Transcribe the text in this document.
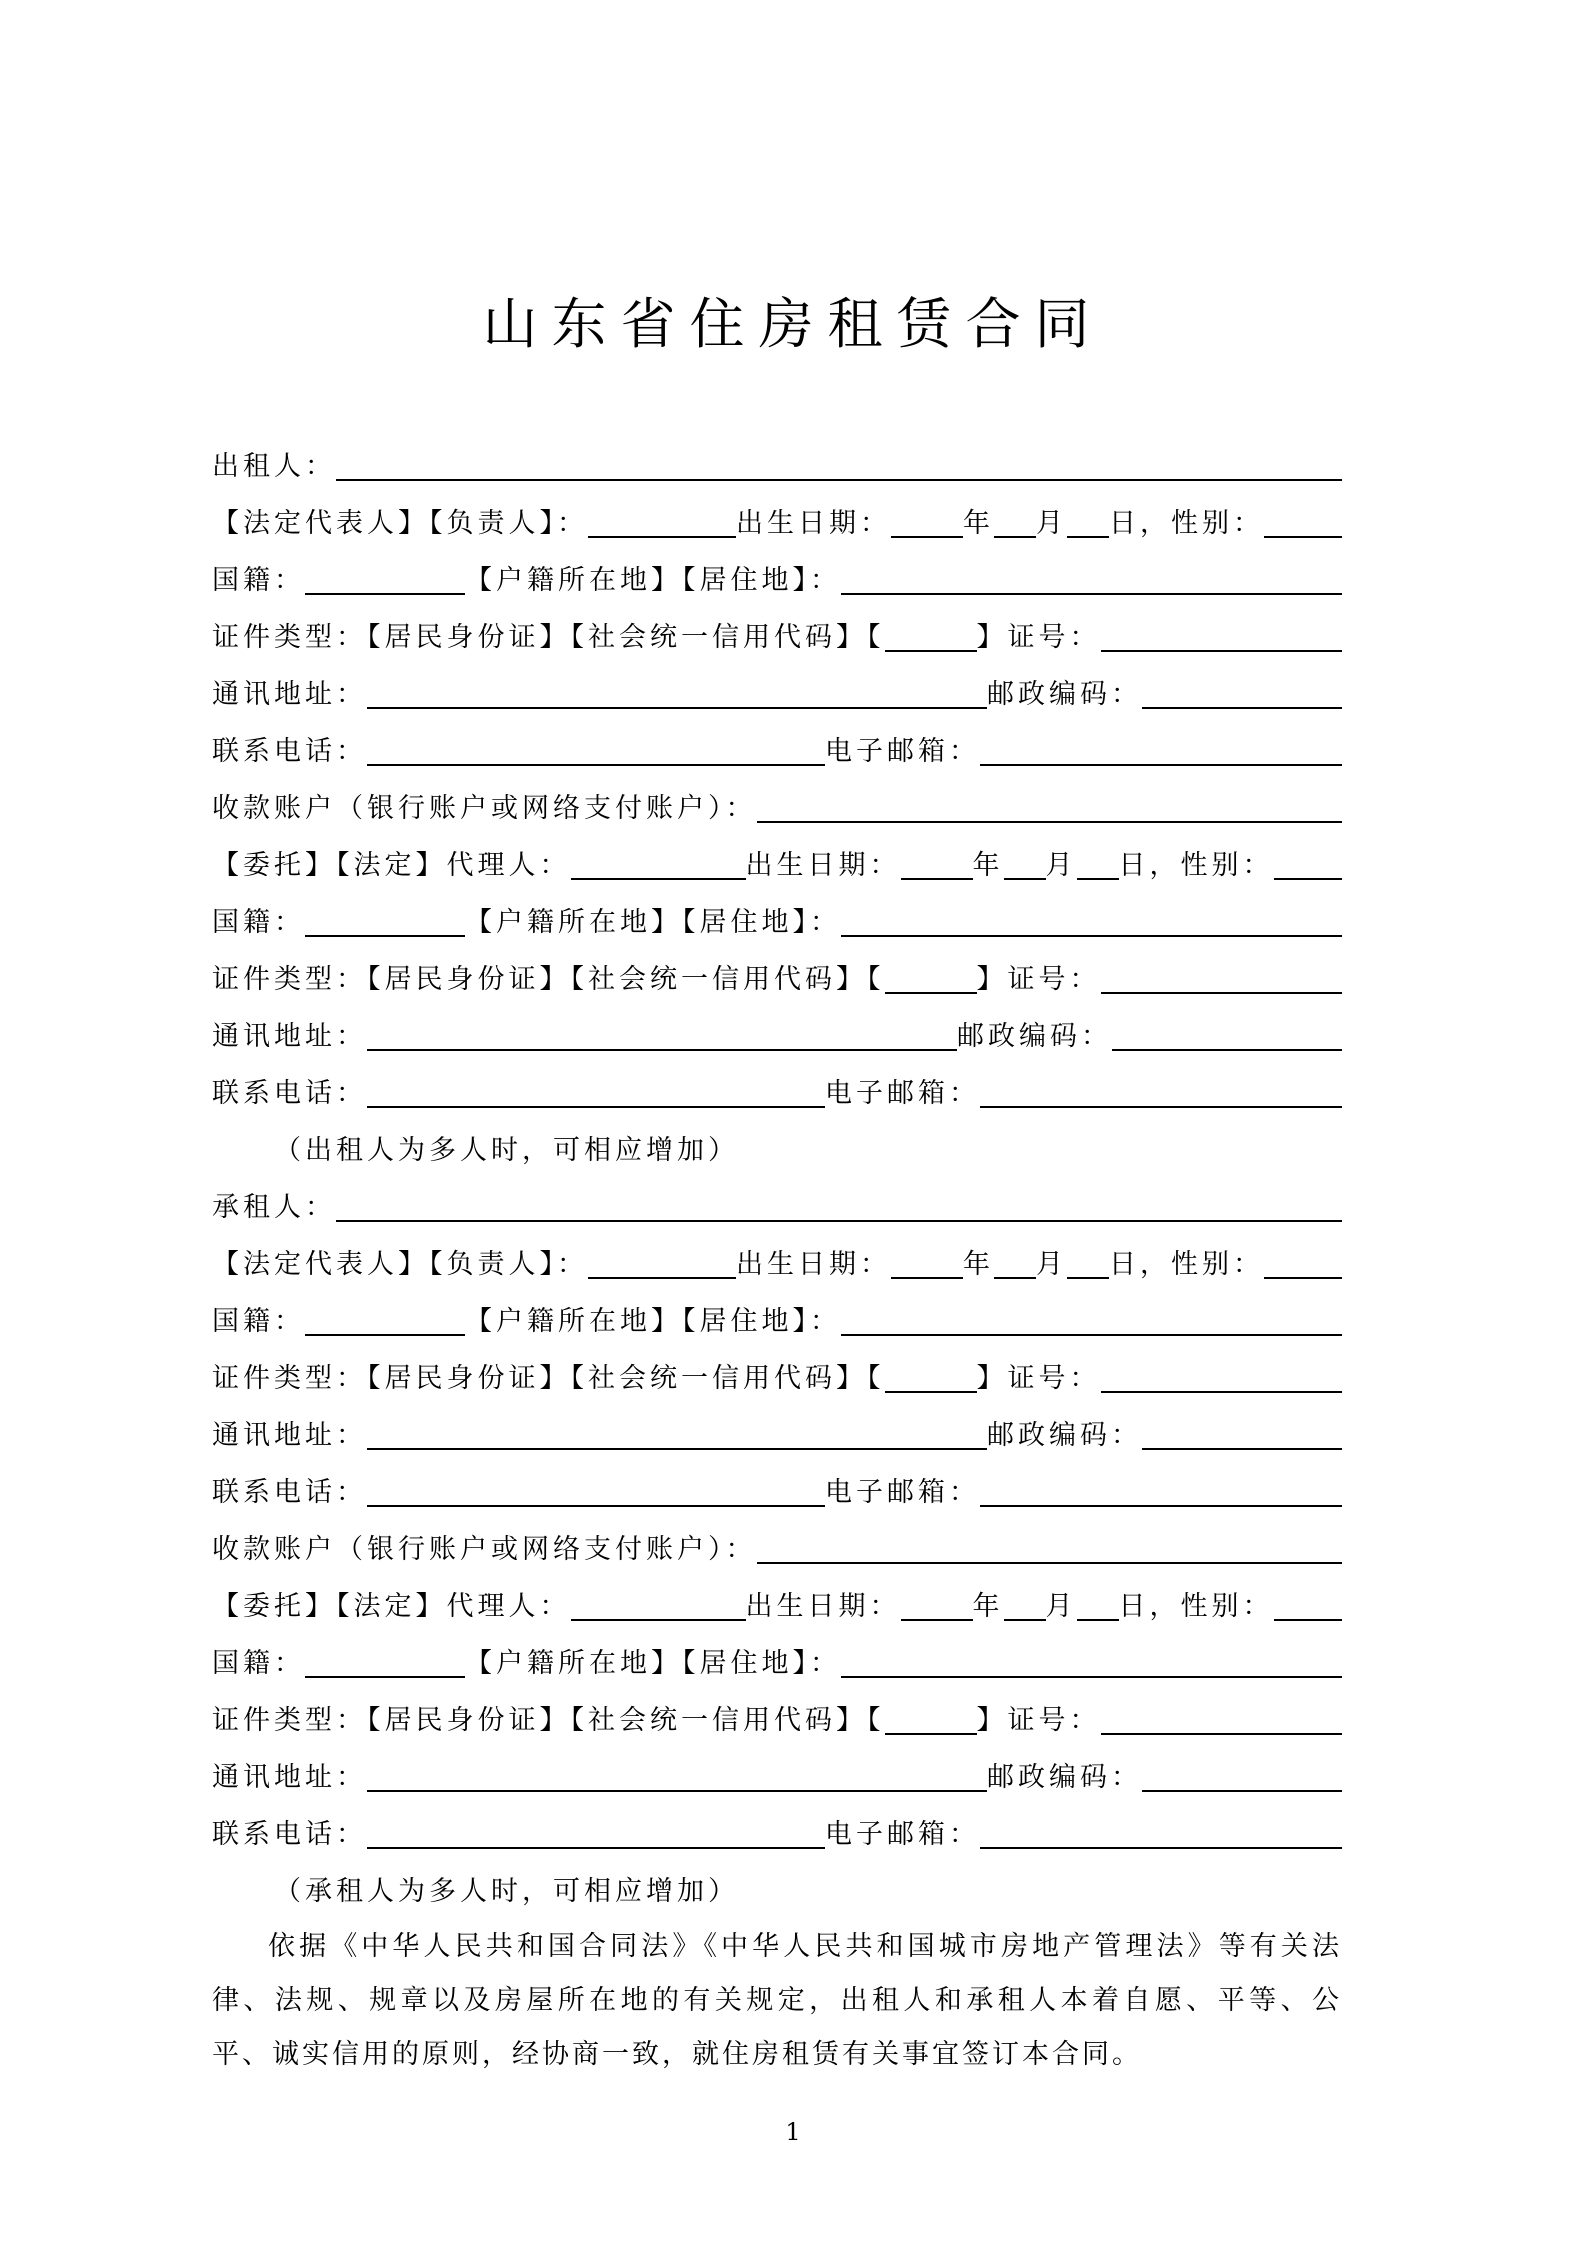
山东省住房租赁合同
出租人：
【法定代表人】【负责人】：	出生日期：	年 月 日， 性别：
国籍：	【户籍所在地】【居住地】：
证件类型：【居民身份证】【社会统一信用代码】【	】证号：
通讯地址：	邮政编码：
联系电话：	电子邮箱：
收款账户（银行账户或网络支付账户）：
【委托】【法定】代理人：	出生日期：	年 月 日， 性别：
国籍：	【户籍所在地】【居住地】：
证件类型：【居民身份证】【社会统一信用代码】【	】证号：
通讯地址：	邮政编码：
联系电话：	电子邮箱：
（出租人为多人时，可相应增加）
承租人：
【法定代表人】【负责人】：	出生日期：	年 月 日， 性别：
国籍：	【户籍所在地】【居住地】：
证件类型：【居民身份证】【社会统一信用代码】【	】证号：
通讯地址：	邮政编码：
联系电话：	电子邮箱：
收款账户（银行账户或网络支付账户）：
【委托】【法定】代理人：	出生日期：	年 月 日， 性别：
国籍：	【户籍所在地】【居住地】：
证件类型：【居民身份证】【社会统一信用代码】【	】证号：
通讯地址：	邮政编码：
联系电话：	电子邮箱：
（承租人为多人时，可相应增加）

依据《中华人民共和国合同法》《中华人民共和国城市房地产管理法》等有关法律、法规、规章以及房屋所在地的有关规定，出租人和承租人本着自愿、平等、公平、诚实信用的原则，经协商一致，就住房租赁有关事宜签订本合同。

1
